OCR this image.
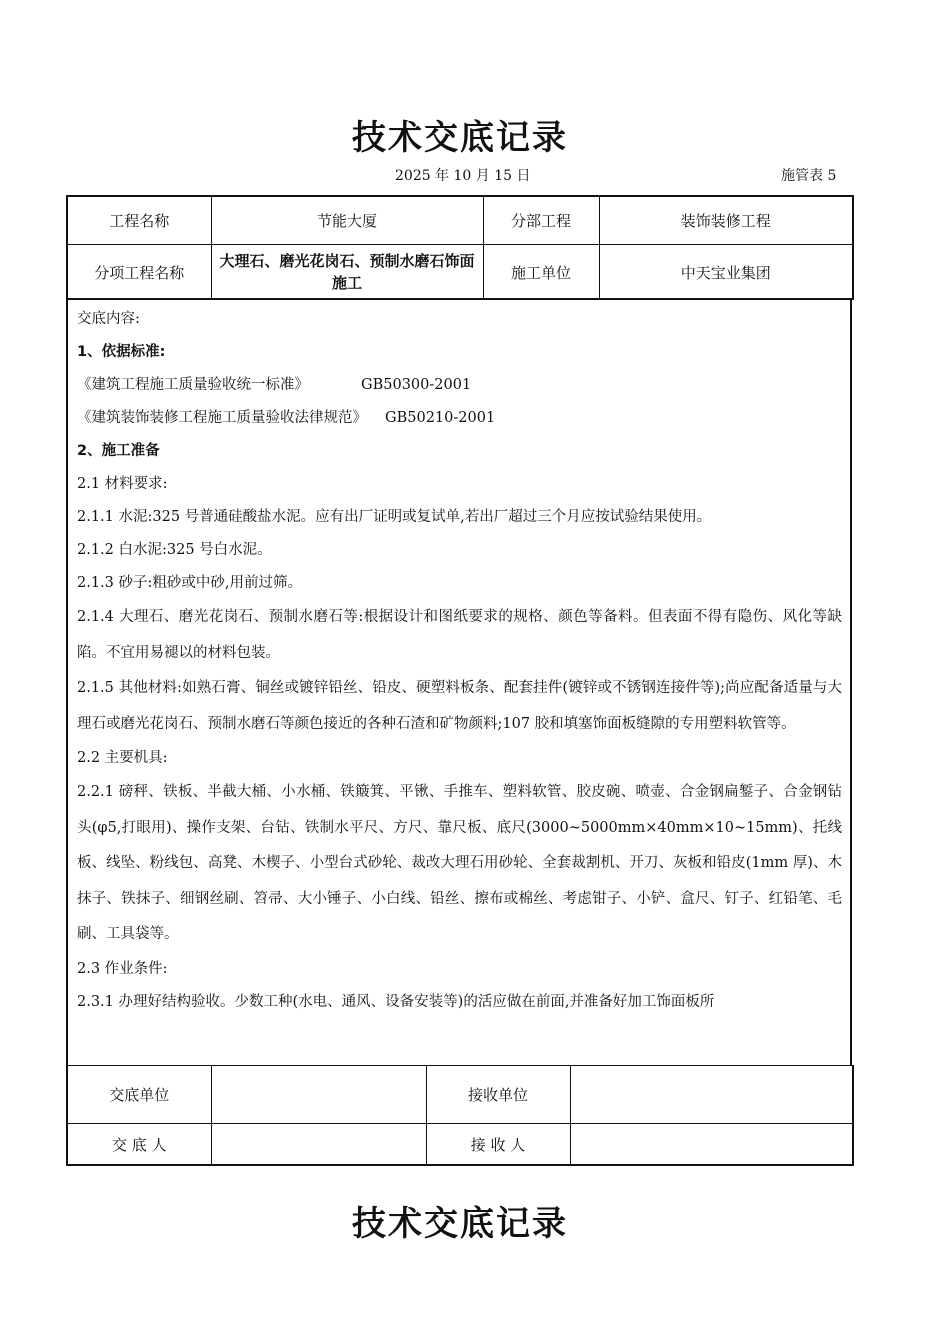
技术交底记录
2025 年 10 月 15 日	施管表 5
工程名称	节能大厦	分部工程	装饰装修工程
分项工程名称	大理石、磨光花岗石、预制水磨石饰面施工	施工单位	中天宝业集团
交底内容:
1、依据标准:
《建筑工程施工质量验收统一标准》	GB50300-2001
《建筑装饰装修工程施工质量验收法律规范》 GB50210-2001
2、施工准备
2.1 材料要求:
2.1.1 水泥:325 号普通硅酸盐水泥。应有出厂证明或复试单,若出厂超过三个月应按试验结果使用。
2.1.2 白水泥:325 号白水泥。
2.1.3 砂子:粗砂或中砂,用前过筛。
2.1.4 大理石、磨光花岗石、预制水磨石等:根据设计和图纸要求的规格、颜色等备料。但表面不得有隐伤、风化等缺陷。不宜用易褪以的材料包装。
2.1.5 其他材料:如熟石膏、铜丝或镀锌铅丝、铅皮、硬塑料板条、配套挂件(镀锌或不锈钢连接件等);尚应配备适量与大理石或磨光花岗石、预制水磨石等颜色接近的各种石渣和矿物颜料;107 胶和填塞饰面板缝隙的专用塑料软管等。
2.2 主要机具:
2.2.1 磅秤、铁板、半截大桶、小水桶、铁簸箕、平锹、手推车、塑料软管、胶皮碗、喷壶、合金钢扁錾子、合金钢钻头(φ5,打眼用)、操作支架、台钻、铁制水平尺、方尺、靠尺板、底尺(3000~5000mm×40mm×10~15mm)、托线板、线坠、粉线包、高凳、木楔子、小型台式砂轮、裁改大理石用砂轮、全套裁割机、开刀、灰板和铅皮(1mm 厚)、木抹子、铁抹子、细钢丝刷、笤帚、大小锤子、小白线、铅丝、擦布或棉丝、考虑钳子、小铲、盒尺、钉子、红铅笔、毛刷、工具袋等。
2.3 作业条件:
2.3.1 办理好结构验收。少数工种(水电、通风、设备安装等)的活应做在前面,并准备好加工饰面板所
交底单位		接收单位	
交 底 人		接 收 人	
技术交底记录
